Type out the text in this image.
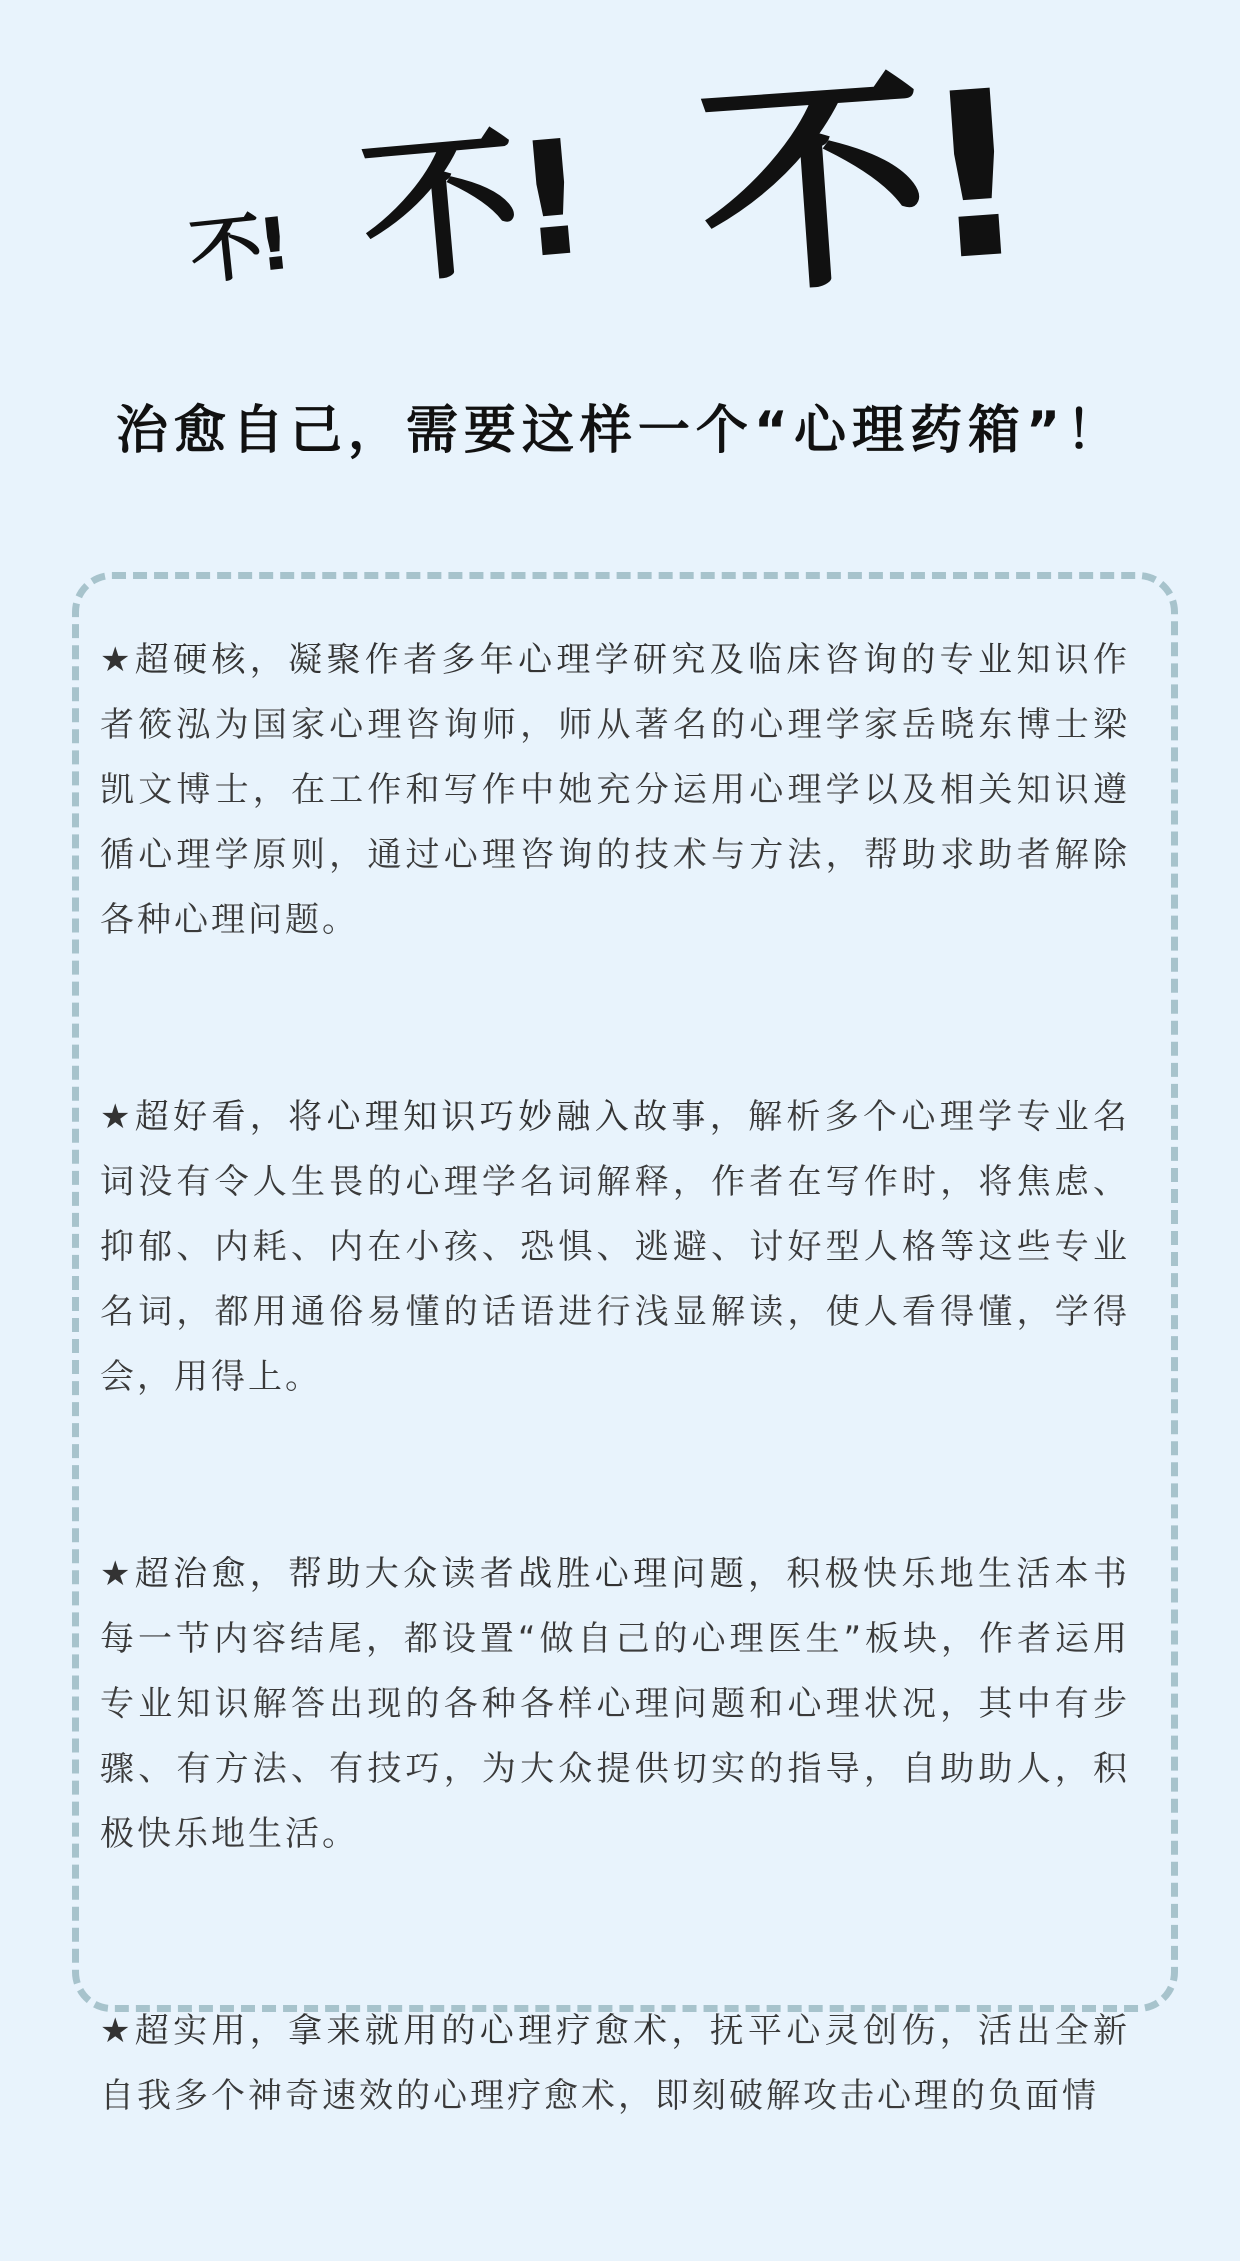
不! 不! 不!
治愈自己，需要这样一个“心理药箱”！

★超硬核，凝聚作者多年心理学研究及临床咨询的专业知识作者筱泓为国家心理咨询师，师从著名的心理学家岳晓东博士梁凯文博士，在工作和写作中她充分运用心理学以及相关知识遵循心理学原则，通过心理咨询的技术与方法，帮助求助者解除各种心理问题。

★超好看，将心理知识巧妙融入故事，解析多个心理学专业名词没有令人生畏的心理学名词解释，作者在写作时，将焦虑、抑郁、内耗、内在小孩、恐惧、逃避、讨好型人格等这些专业名词，都用通俗易懂的话语进行浅显解读，使人看得懂，学得会，用得上。

★超治愈，帮助大众读者战胜心理问题，积极快乐地生活本书每一节内容结尾，都设置“做自己的心理医生”板块，作者运用专业知识解答出现的各种各样心理问题和心理状况，其中有步骤、有方法、有技巧，为大众提供切实的指导，自助助人，积极快乐地生活。

★超实用，拿来就用的心理疗愈术，抚平心灵创伤，活出全新自我多个神奇速效的心理疗愈术，即刻破解攻击心理的负面情
